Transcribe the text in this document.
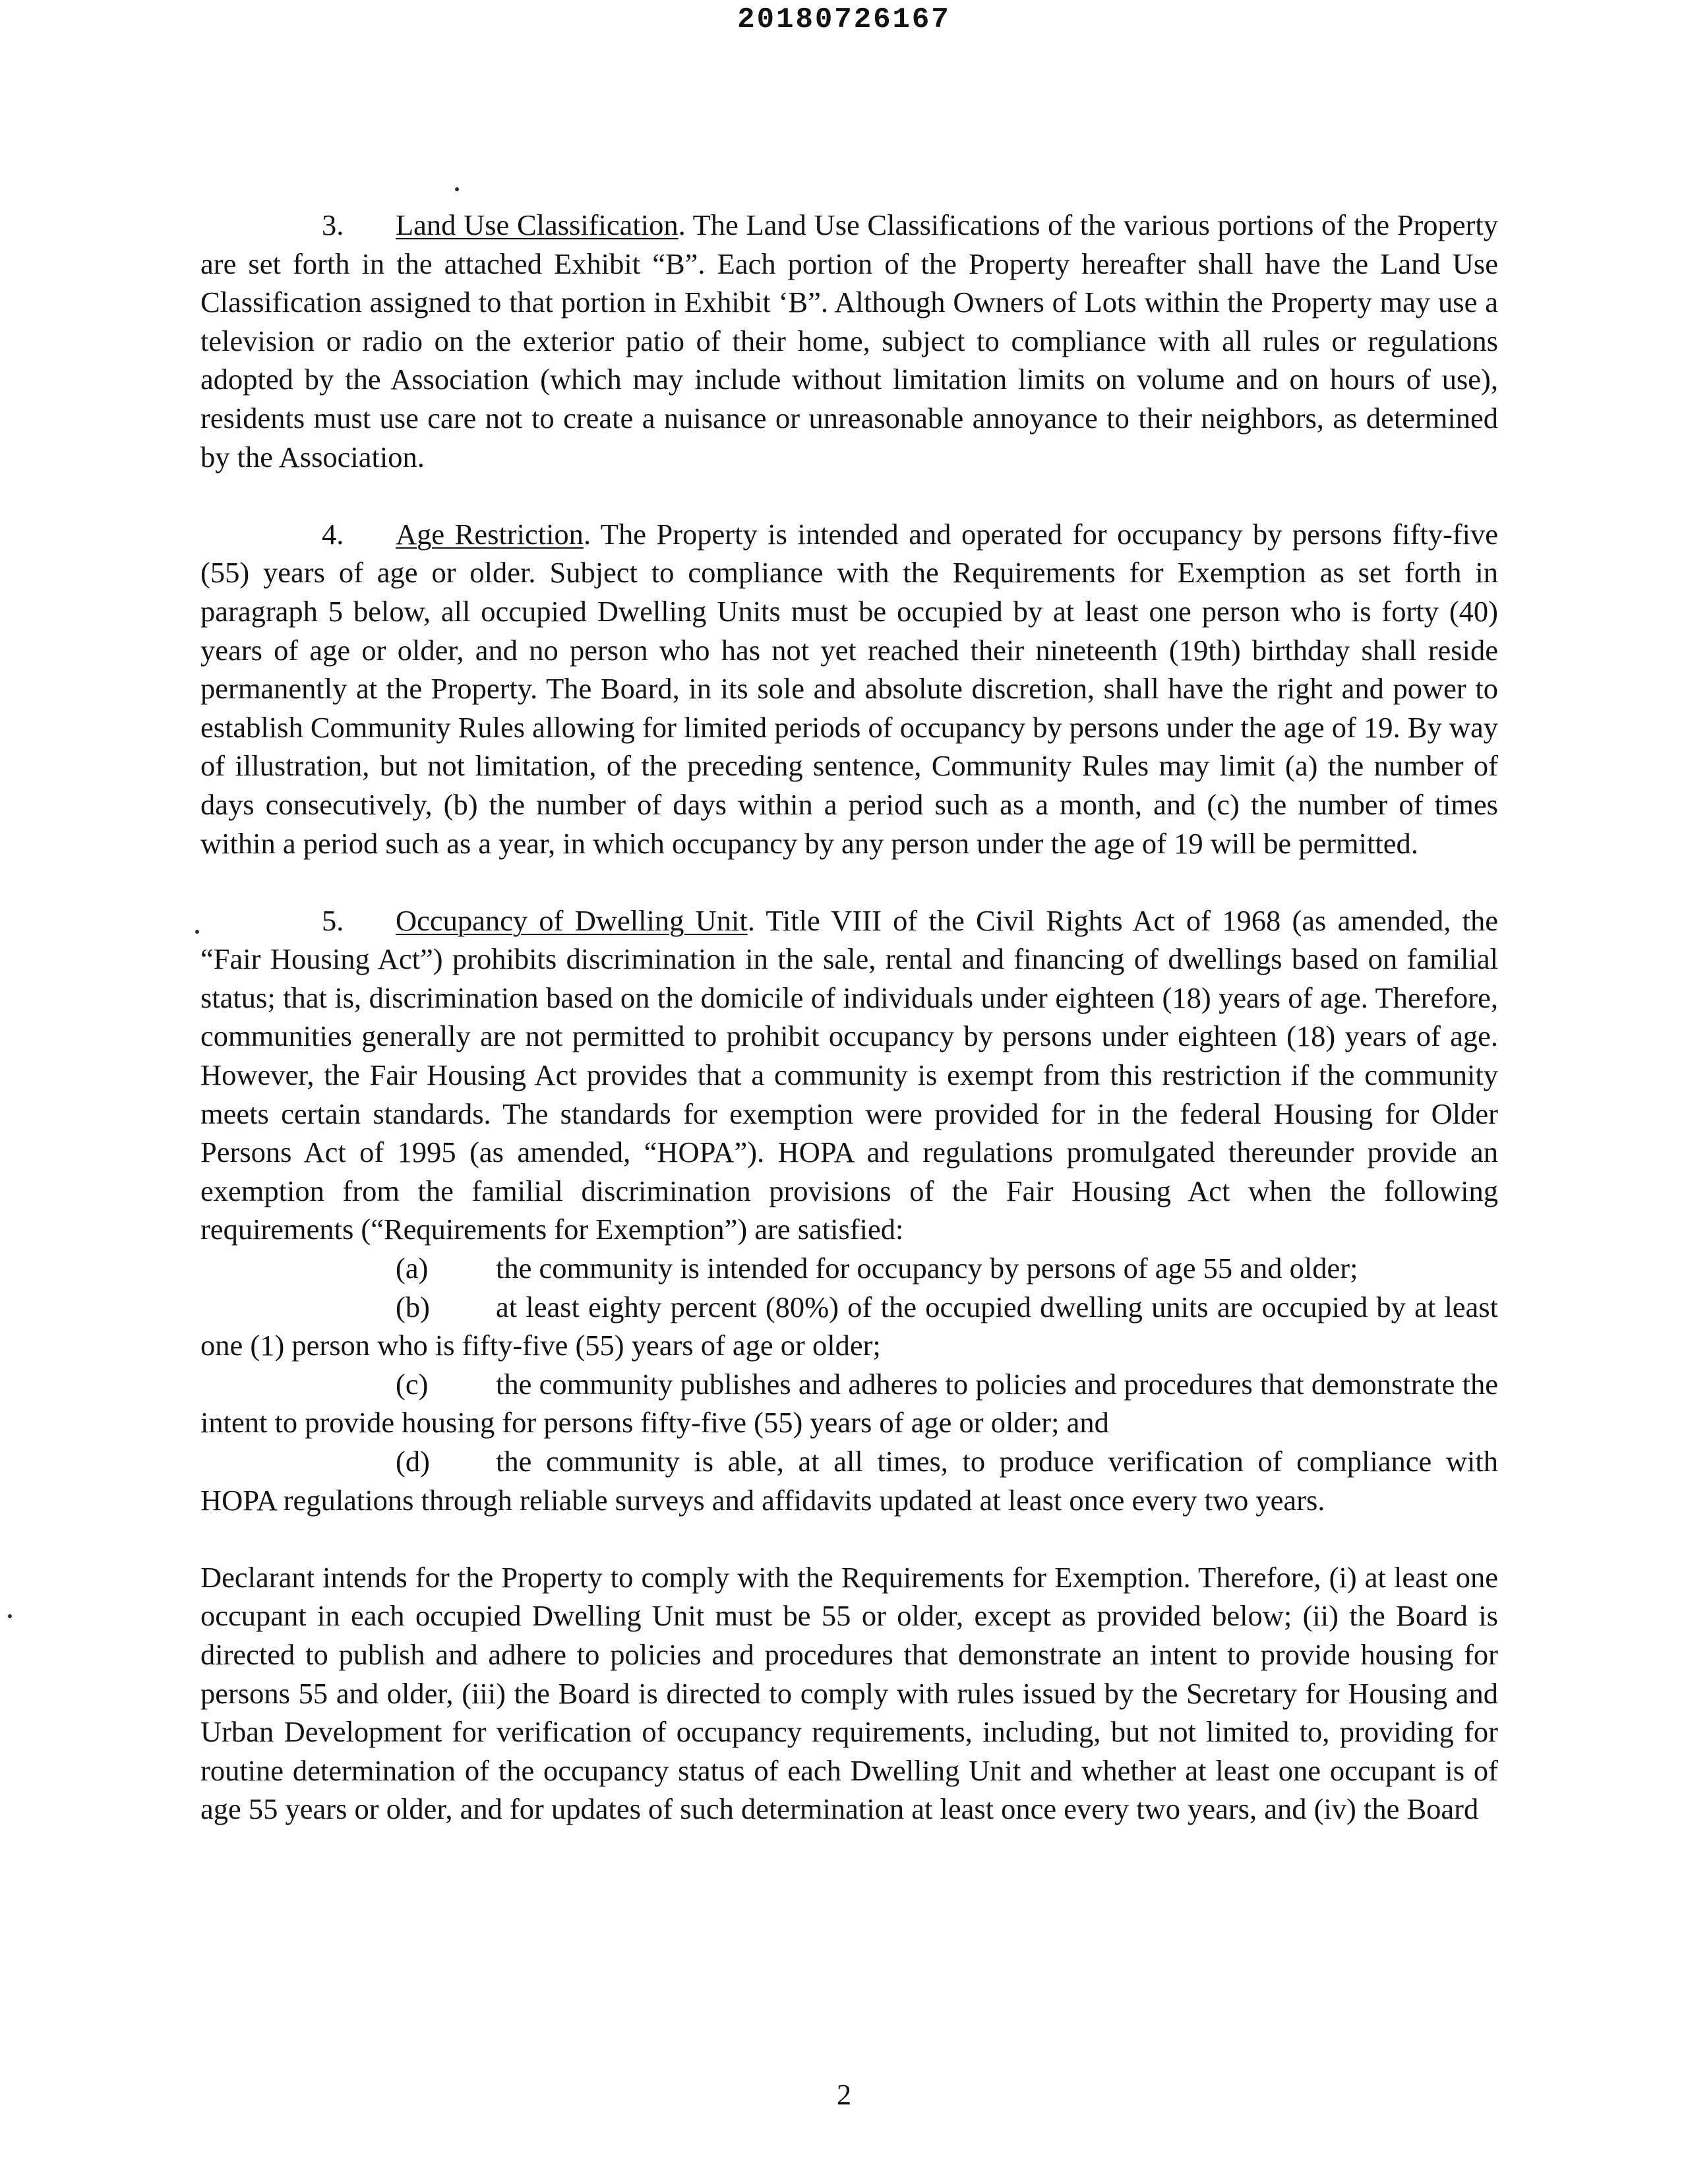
20180726167

3. Land Use Classification. The Land Use Classifications of the various portions of the Property are set forth in the attached Exhibit “B”. Each portion of the Property hereafter shall have the Land Use Classification assigned to that portion in Exhibit ‘B”. Although Owners of Lots within the Property may use a television or radio on the exterior patio of their home, subject to compliance with all rules or regulations adopted by the Association (which may include without limitation limits on volume and on hours of use), residents must use care not to create a nuisance or unreasonable annoyance to their neighbors, as determined by the Association.

4. Age Restriction. The Property is intended and operated for occupancy by persons fifty-five (55) years of age or older. Subject to compliance with the Requirements for Exemption as set forth in paragraph 5 below, all occupied Dwelling Units must be occupied by at least one person who is forty (40) years of age or older, and no person who has not yet reached their nineteenth (19th) birthday shall reside permanently at the Property. The Board, in its sole and absolute discretion, shall have the right and power to establish Community Rules allowing for limited periods of occupancy by persons under the age of 19. By way of illustration, but not limitation, of the preceding sentence, Community Rules may limit (a) the number of days consecutively, (b) the number of days within a period such as a month, and (c) the number of times within a period such as a year, in which occupancy by any person under the age of 19 will be permitted.

5. Occupancy of Dwelling Unit. Title VIII of the Civil Rights Act of 1968 (as amended, the “Fair Housing Act”) prohibits discrimination in the sale, rental and financing of dwellings based on familial status; that is, discrimination based on the domicile of individuals under eighteen (18) years of age. Therefore, communities generally are not permitted to prohibit occupancy by persons under eighteen (18) years of age. However, the Fair Housing Act provides that a community is exempt from this restriction if the community meets certain standards. The standards for exemption were provided for in the federal Housing for Older Persons Act of 1995 (as amended, “HOPA”). HOPA and regulations promulgated thereunder provide an exemption from the familial discrimination provisions of the Fair Housing Act when the following requirements (“Requirements for Exemption”) are satisfied:

(a) the community is intended for occupancy by persons of age 55 and older;
(b) at least eighty percent (80%) of the occupied dwelling units are occupied by at least one (1) person who is fifty-five (55) years of age or older;
(c) the community publishes and adheres to policies and procedures that demonstrate the intent to provide housing for persons fifty-five (55) years of age or older; and
(d) the community is able, at all times, to produce verification of compliance with HOPA regulations through reliable surveys and affidavits updated at least once every two years.

Declarant intends for the Property to comply with the Requirements for Exemption. Therefore, (i) at least one occupant in each occupied Dwelling Unit must be 55 or older, except as provided below; (ii) the Board is directed to publish and adhere to policies and procedures that demonstrate an intent to provide housing for persons 55 and older, (iii) the Board is directed to comply with rules issued by the Secretary for Housing and Urban Development for verification of occupancy requirements, including, but not limited to, providing for routine determination of the occupancy status of each Dwelling Unit and whether at least one occupant is of age 55 years or older, and for updates of such determination at least once every two years, and (iv) the Board

2
